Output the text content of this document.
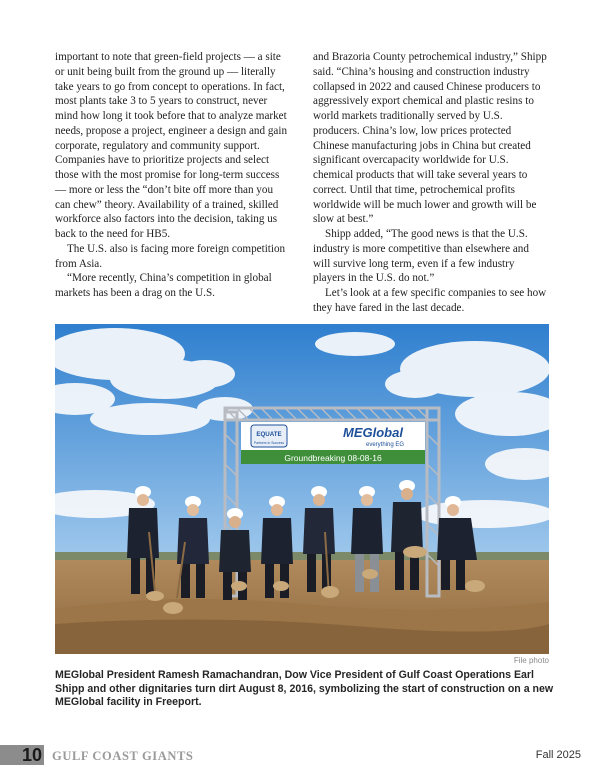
important to note that green-field projects — a site or unit being built from the ground up — literally take years to go from concept to operations. In fact, most plants take 3 to 5 years to construct, never mind how long it took before that to analyze market needs, propose a project, engineer a design and gain corporate, regulatory and community support. Companies have to prioritize projects and select those with the most promise for long-term success — more or less the “don’t bite off more than you can chew” theory. Availability of a trained, skilled workforce also factors into the decision, taking us back to the need for HB5.

The U.S. also is facing more foreign competition from Asia.

“More recently, China’s competition in global markets has been a drag on the U.S.

and Brazoria County petrochemical industry,” Shipp said. “China’s housing and construction industry collapsed in 2022 and caused Chinese producers to aggressively export chemical and plastic resins to world markets traditionally served by U.S. producers. China’s low, low prices protected Chinese manufacturing jobs in China but created significant overcapacity worldwide for U.S. chemical products that will take several years to correct. Until that time, petrochemical profits worldwide will be much lower and growth will be slow at best.”

Shipp added, “The good news is that the U.S. industry is more competitive than elsewhere and will survive long term, even if a few industry players in the U.S. do not.”

Let’s look at a few specific companies to see how they have fared in the last decade.

EQUATE
Partners in Success
MEGlobal
everything EG
Groundbreaking 08-08-16
File photo
MEGlobal President Ramesh Ramachandran, Dow Vice President of Gulf Coast Operations Earl Shipp and other dignitaries turn dirt August 8, 2016, symbolizing the start of construction on a new MEGlobal facility in Freeport.
10 GULF COAST GIANTS	Fall 2025
